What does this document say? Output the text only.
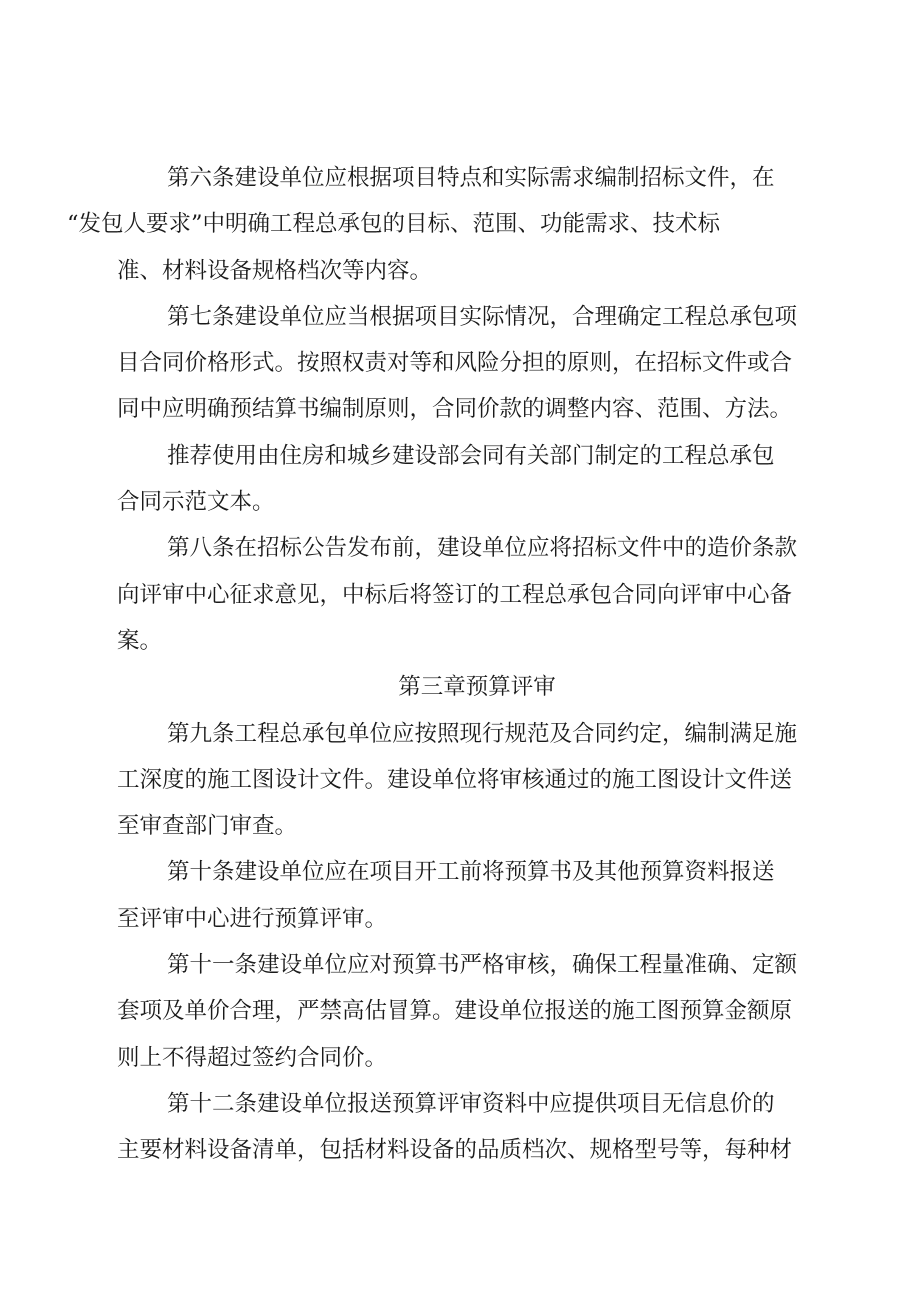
第六条建设单位应根据项目特点和实际需求编制招标文件，在
“发包人要求”中明确工程总承包的目标、范围、功能需求、技术标
准、材料设备规格档次等内容。
第七条建设单位应当根据项目实际情况，合理确定工程总承包项
目合同价格形式。按照权责对等和风险分担的原则，在招标文件或合
同中应明确预结算书编制原则，合同价款的调整内容、范围、方法。
推荐使用由住房和城乡建设部会同有关部门制定的工程总承包
合同示范文本。
第八条在招标公告发布前，建设单位应将招标文件中的造价条款
向评审中心征求意见，中标后将签订的工程总承包合同向评审中心备
案。
第三章预算评审
第九条工程总承包单位应按照现行规范及合同约定，编制满足施
工深度的施工图设计文件。建设单位将审核通过的施工图设计文件送
至审查部门审查。
第十条建设单位应在项目开工前将预算书及其他预算资料报送
至评审中心进行预算评审。
第十一条建设单位应对预算书严格审核，确保工程量准确、定额
套项及单价合理，严禁高估冒算。建设单位报送的施工图预算金额原
则上不得超过签约合同价。
第十二条建设单位报送预算评审资料中应提供项目无信息价的
主要材料设备清单，包括材料设备的品质档次、规格型号等，每种材
